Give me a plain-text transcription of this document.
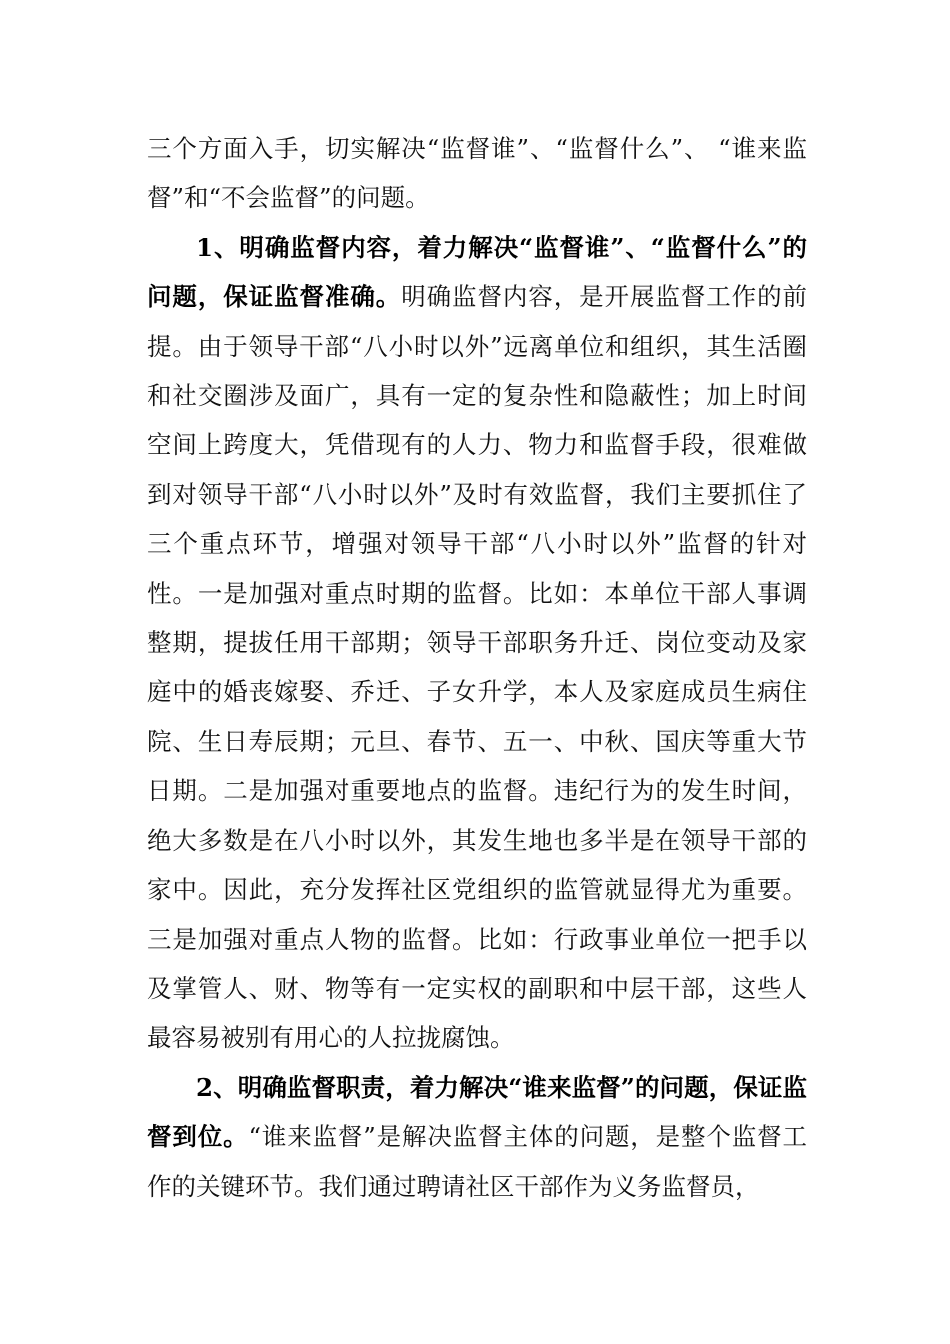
三个方面入手，切实解决“监督谁”、“监督什么”、 “谁来监督”和“不会监督”的问题。

1、明确监督内容，着力解决“监督谁”、“监督什么”的问题，保证监督准确。明确监督内容，是开展监督工作的前提。由于领导干部“八小时以外”远离单位和组织，其生活圈和社交圈涉及面广，具有一定的复杂性和隐蔽性；加上时间空间上跨度大，凭借现有的人力、物力和监督手段，很难做到对领导干部“八小时以外”及时有效监督，我们主要抓住了三个重点环节，增强对领导干部“八小时以外”监督的针对性。一是加强对重点时期的监督。比如：本单位干部人事调整期，提拔任用干部期；领导干部职务升迁、岗位变动及家庭中的婚丧嫁娶、乔迁、子女升学，本人及家庭成员生病住院、生日寿辰期；元旦、春节、五一、中秋、国庆等重大节日期。二是加强对重要地点的监督。违纪行为的发生时间，绝大多数是在八小时以外，其发生地也多半是在领导干部的家中。因此，充分发挥社区党组织的监管就显得尤为重要。三是加强对重点人物的监督。比如：行政事业单位一把手以及掌管人、财、物等有一定实权的副职和中层干部，这些人最容易被别有用心的人拉拢腐蚀。

2、明确监督职责，着力解决“谁来监督”的问题，保证监督到位。“谁来监督”是解决监督主体的问题，是整个监督工作的关键环节。我们通过聘请社区干部作为义务监督员，
